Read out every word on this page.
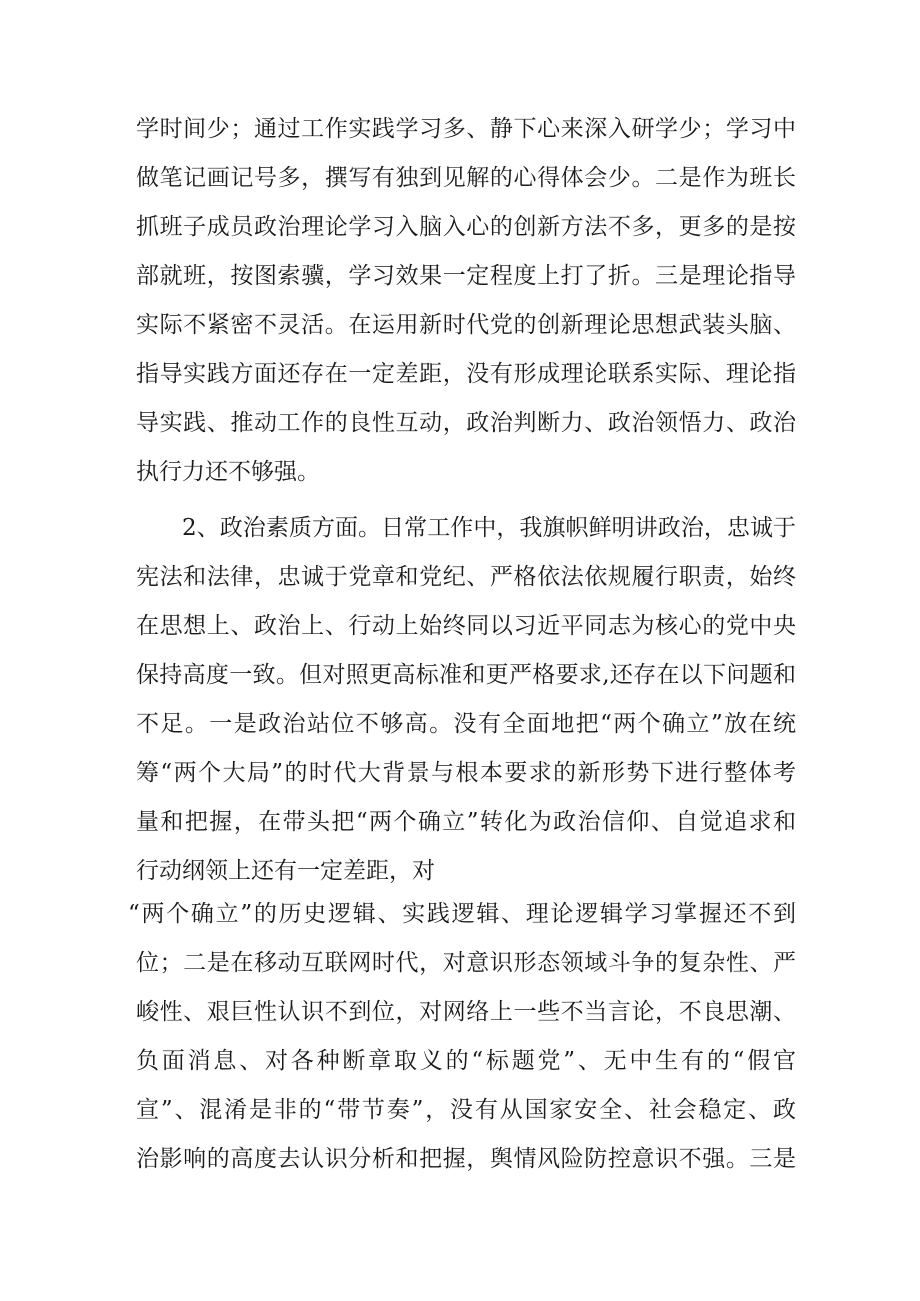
学时间少；通过工作实践学习多、静下心来深入研学少；学习中
做笔记画记号多，撰写有独到见解的心得体会少。二是作为班长
抓班子成员政治理论学习入脑入心的创新方法不多，更多的是按
部就班，按图索骥，学习效果一定程度上打了折。三是理论指导
实际不紧密不灵活。在运用新时代党的创新理论思想武装头脑、
指导实践方面还存在一定差距，没有形成理论联系实际、理论指
导实践、推动工作的良性互动，政治判断力、政治领悟力、政治
执行力还不够强。
2、政治素质方面。日常工作中，我旗帜鲜明讲政治，忠诚于
宪法和法律，忠诚于党章和党纪、严格依法依规履行职责，始终
在思想上、政治上、行动上始终同以习近平同志为核心的党中央
保持高度一致。但对照更高标准和更严格要求,还存在以下问题和
不足。一是政治站位不够高。没有全面地把“两个确立”放在统
筹“两个大局”的时代大背景与根本要求的新形势下进行整体考
量和把握，在带头把“两个确立”转化为政治信仰、自觉追求和
行动纲领上还有一定差距，对
“两个确立”的历史逻辑、实践逻辑、理论逻辑学习掌握还不到
位；二是在移动互联网时代，对意识形态领域斗争的复杂性、严
峻性、艰巨性认识不到位，对网络上一些不当言论，不良思潮、
负面消息、对各种断章取义的“标题党”、无中生有的“假官
宣”、混淆是非的“带节奏”，没有从国家安全、社会稳定、政
治影响的高度去认识分析和把握，舆情风险防控意识不强。三是
